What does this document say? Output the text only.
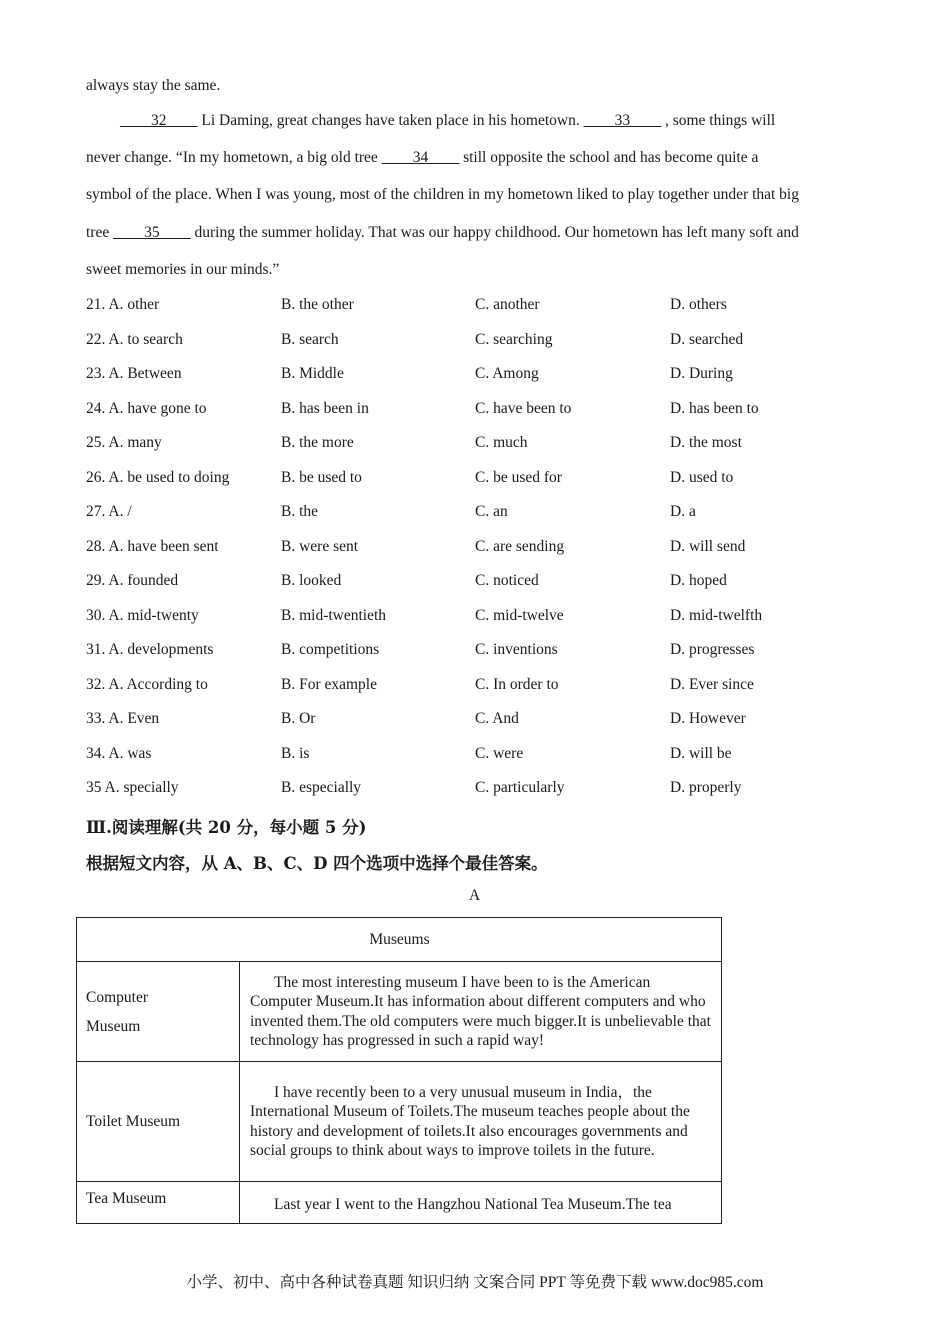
always stay the same.
____32____ Li Daming, great changes have taken place in his hometown. ____33____ , some things will
never change. “In my hometown, a big old tree ____34____ still opposite the school and has become quite a
symbol of the place. When I was young, most of the children in my hometown liked to play together under that big
tree ____35____ during the summer holiday. That was our happy childhood. Our hometown has left many soft and
sweet memories in our minds.”
21. A. other	B. the other	C. another	D. others
22. A. to search	B. search	C. searching	D. searched
23. A. Between	B. Middle	C. Among	D. During
24. A. have gone to	B. has been in	C. have been to	D. has been to
25. A. many	B. the more	C. much	D. the most
26. A. be used to doing	B. be used to	C. be used for	D. used to
27. A. /	B. the	C. an	D. a
28. A. have been sent	B. were sent	C. are sending	D. will send
29. A. founded	B. looked	C. noticed	D. hoped
30. A. mid-twenty	B. mid-twentieth	C. mid-twelve	D. mid-twelfth
31. A. developments	B. competitions	C. inventions	D. progresses
32. A. According to	B. For example	C. In order to	D. Ever since
33. A. Even	B. Or	C. And	D. However
34. A. was	B. is	C. were	D. will be
35 A. specially	B. especially	C. particularly	D. properly
Ⅲ.阅读理解(共 20 分，每小题 5 分)
根据短文内容，从 A、B、C、D 四个选项中选择个最佳答案。
A
Museums	

Computer
Museum	The most interesting museum I have been to is the American Computer Museum.It has information about different computers and who invented them.The old computers were much bigger.It is unbelievable that technology has progressed in such a rapid way!

Toilet Museum	I have recently been to a very unusual museum in India，the International Museum of Toilets.The museum teaches people about the history and development of toilets.It also encourages governments and social groups to think about ways to improve toilets in the future.

Tea Museum	Last year I went to the Hangzhou National Tea Museum.The tea
小学、初中、高中各种试卷真题 知识归纳 文案合同 PPT 等免费下载 www.doc985.com
